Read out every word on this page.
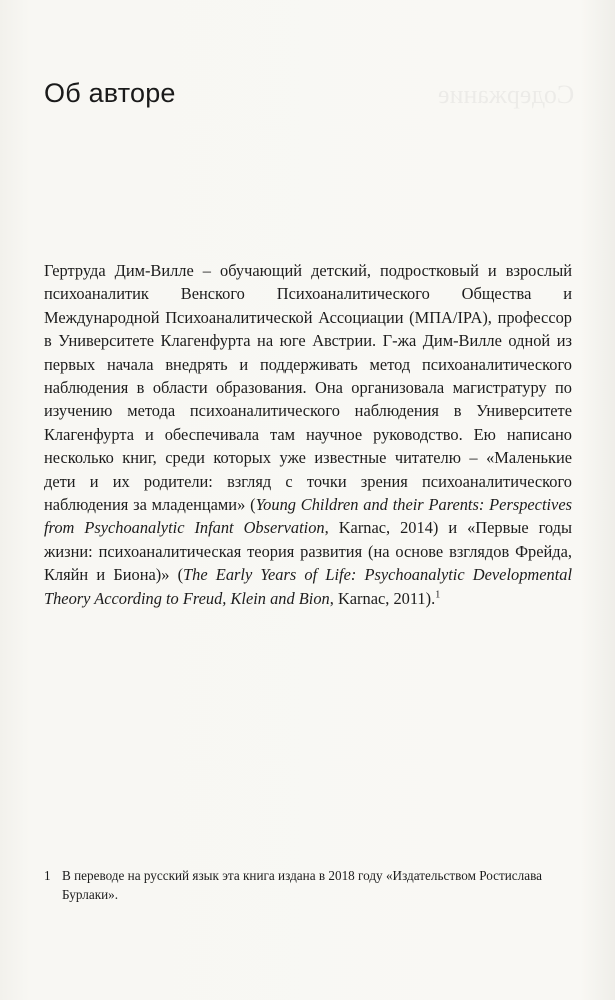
Об авторе	Содержание

Гертруда Дим-Вилле – обучающий детский, подростковый и взрослый психоаналитик Венского Психоаналитического Общества и Международной Психоаналитической Ассоциации (МПА/IPA), профессор в Университете Клагенфурта на юге Австрии. Г-жа Дим-Вилле одной из первых начала внедрять и поддерживать метод психоаналитического наблюдения в области образования. Она организовала магистратуру по изучению метода психоаналитического наблюдения в Университете Клагенфурта и обеспечивала там научное руководство. Ею написано несколько книг, среди которых уже известные читателю – «Маленькие дети и их родители: взгляд с точки зрения психоаналитического наблюдения за младенцами» (Young Children and their Parents: Perspectives from Psychoanalytic Infant Observation, Karnac, 2014) и «Первые годы жизни: психоаналитическая теория развития (на основе взглядов Фрейда, Кляйн и Биона)» (The Early Years of Life: Psychoanalytic Developmental Theory According to Freud, Klein and Bion, Karnac, 2011).$^1$

1 В переводе на русский язык эта книга издана в 2018 году «Издательством Ростислава Бурлаки».
